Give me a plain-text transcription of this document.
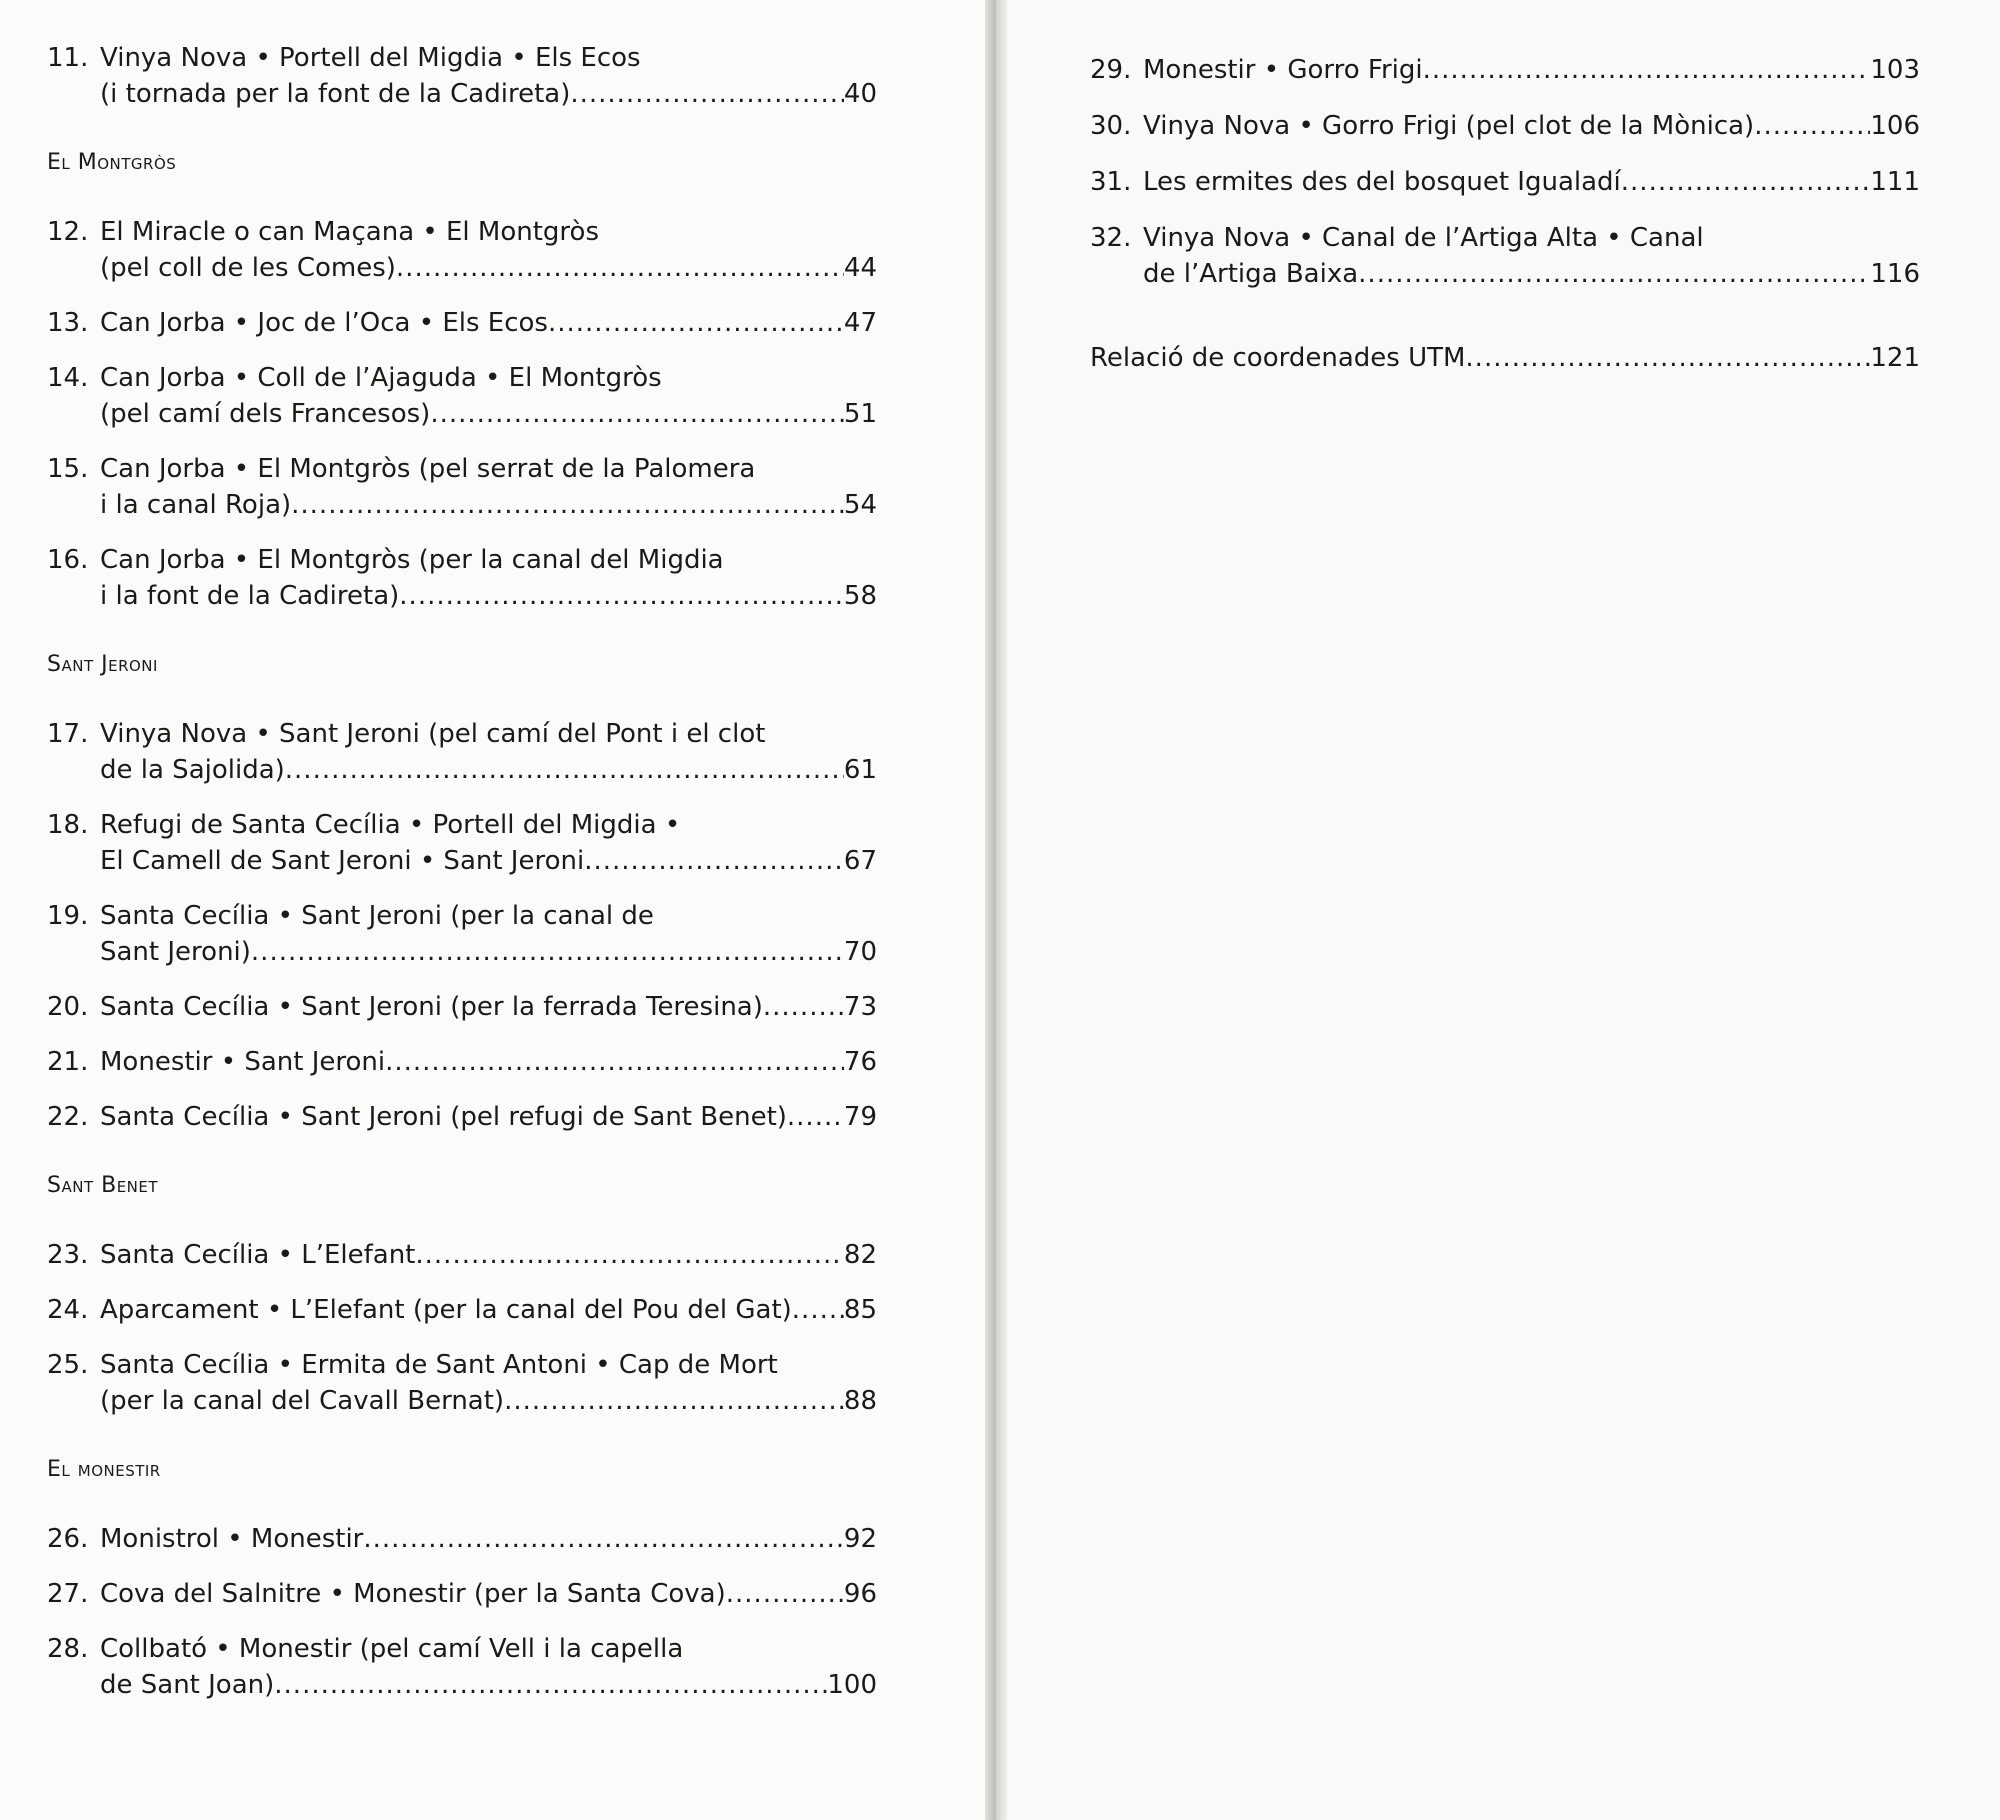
11. Vinya Nova • Portell del Migdia • Els Ecos
(i tornada per la font de la Cadireta) .....	40
El Montgròs
12. El Miracle o can Maçana • El Montgròs
(pel coll de les Comes) .....	44
13. Can Jorba • Joc de l’Oca • Els Ecos .....	47
14. Can Jorba • Coll de l’Ajaguda • El Montgròs
(pel camí dels Francesos) .....	51
15. Can Jorba • El Montgròs (pel serrat de la Palomera
i la canal Roja) .....	54
16. Can Jorba • El Montgròs (per la canal del Migdia
i la font de la Cadireta) .....	58
Sant Jeroni
17. Vinya Nova • Sant Jeroni (pel camí del Pont i el clot
de la Sajolida) .....	61
18. Refugi de Santa Cecília • Portell del Migdia •
El Camell de Sant Jeroni • Sant Jeroni .....	67
19. Santa Cecília • Sant Jeroni (per la canal de
Sant Jeroni) .....	70
20. Santa Cecília • Sant Jeroni (per la ferrada Teresina) .....	73
21. Monestir • Sant Jeroni .....	76
22. Santa Cecília • Sant Jeroni (pel refugi de Sant Benet) ..... 79
Sant Benet
23. Santa Cecília • L’Elefant .....	82
24. Aparcament • L’Elefant (per la canal del Pou del Gat) ..... 85
25. Santa Cecília • Ermita de Sant Antoni • Cap de Mort
(per la canal del Cavall Bernat) .....	88
El monestir
26. Monistrol • Monestir .....	92
27. Cova del Salnitre • Monestir (per la Santa Cova) .....	96
28. Collbató • Monestir (pel camí Vell i la capella
de Sant Joan) .....	100
29. Monestir • Gorro Frigi .....	103
30. Vinya Nova • Gorro Frigi (pel clot de la Mònica) .....	106
31. Les ermites des del bosquet Igualadí .....	111
32. Vinya Nova • Canal de l’Artiga Alta • Canal
de l’Artiga Baixa .....	116
Relació de coordenades UTM .....	121
